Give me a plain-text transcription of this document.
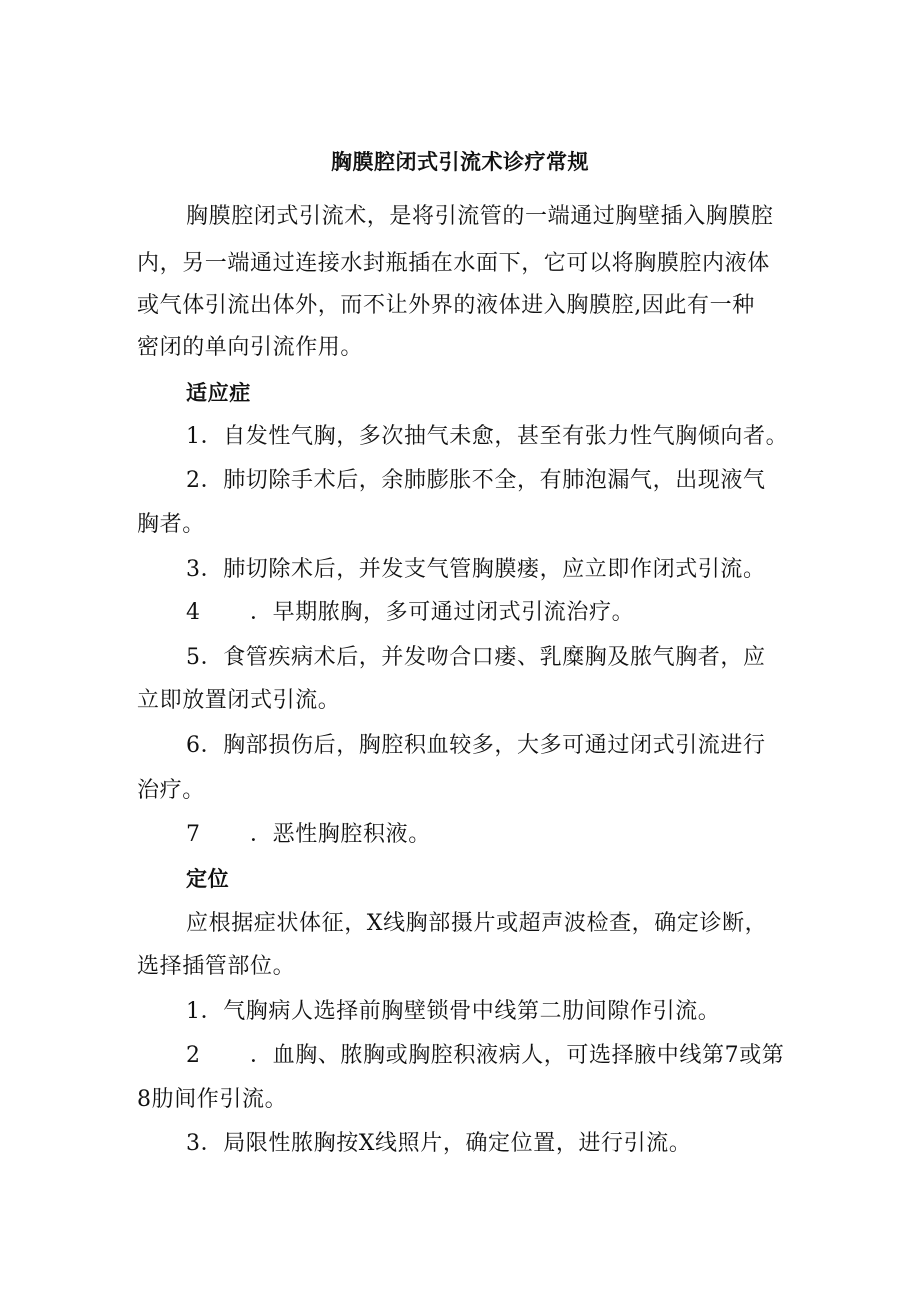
胸膜腔闭式引流术诊疗常规
胸膜腔闭式引流术，是将引流管的一端通过胸壁插入胸膜腔
内，另一端通过连接水封瓶插在水面下，它可以将胸膜腔内液体
或气体引流出体外，而不让外界的液体进入胸膜腔,因此有一种
密闭的单向引流作用。
适应症
1．自发性气胸，多次抽气未愈，甚至有张力性气胸倾向者。
2．肺切除手术后，余肺膨胀不全，有肺泡漏气，出现液气
胸者。
3．肺切除术后，并发支气管胸膜瘘，应立即作闭式引流。
4 ．早期脓胸，多可通过闭式引流治疗。
5．食管疾病术后，并发吻合口瘘、乳糜胸及脓气胸者，应
立即放置闭式引流。
6．胸部损伤后，胸腔积血较多，大多可通过闭式引流进行
治疗。
7 ．恶性胸腔积液。
定位
应根据症状体征，X线胸部摄片或超声波检查，确定诊断，
选择插管部位。
1．气胸病人选择前胸壁锁骨中线第二肋间隙作引流。
2 ．血胸、脓胸或胸腔积液病人，可选择腋中线第7或第
8肋间作引流。
3．局限性脓胸按X线照片，确定位置，进行引流。
